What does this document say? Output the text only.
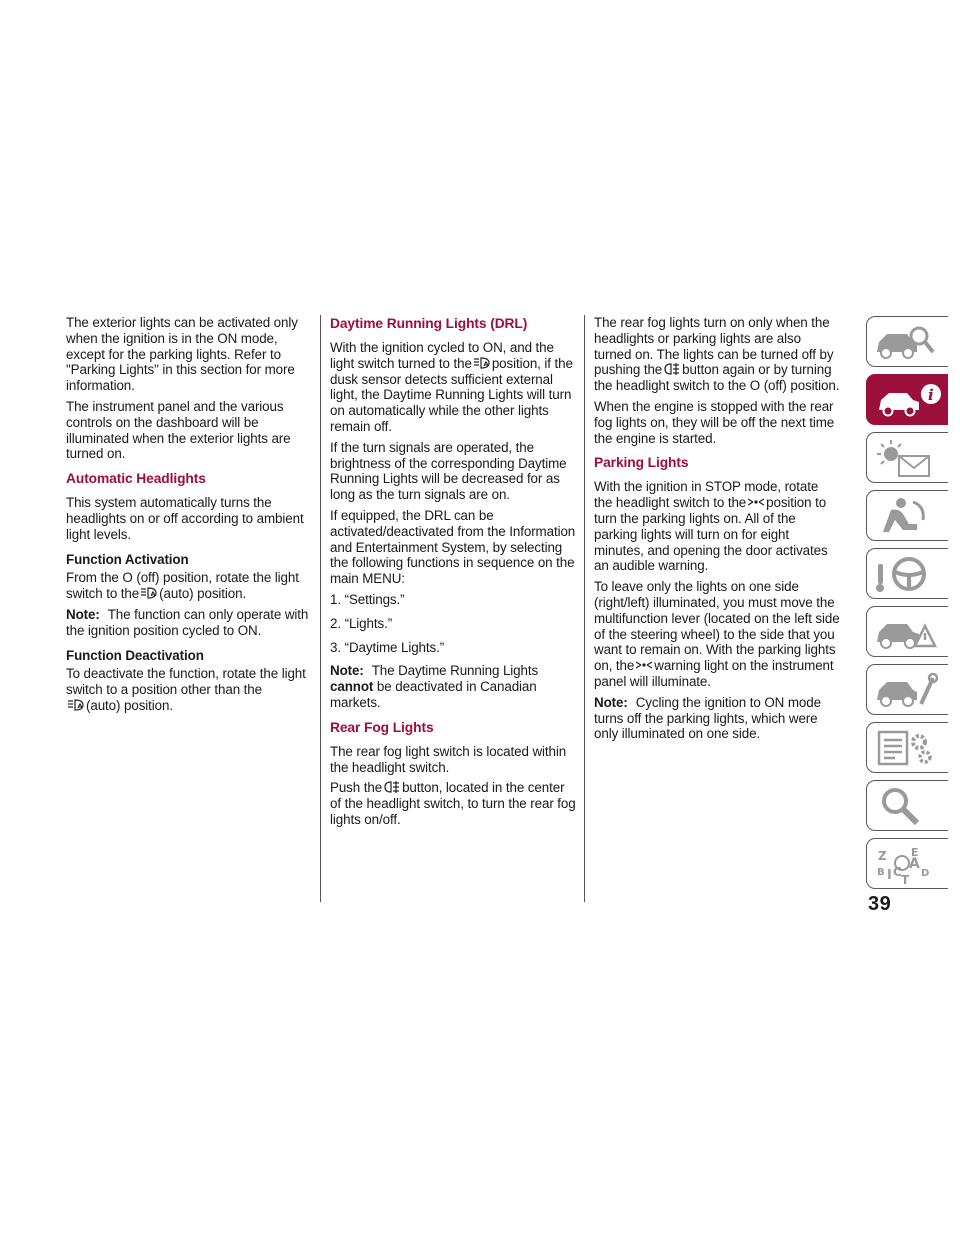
The exterior lights can be activated only when the ignition is in the ON mode, except for the parking lights. Refer to "Parking Lights" in this section for more information.

The instrument panel and the various controls on the dashboard will be illuminated when the exterior lights are turned on.

Automatic Headlights

This system automatically turns the headlights on or off according to ambient light levels.

Function Activation

From the O (off) position, rotate the light switch to the (auto) position.

Note: The function can only operate with the ignition position cycled to ON.

Function Deactivation

To deactivate the function, rotate the light switch to a position other than the
(auto) position.

Daytime Running Lights (DRL)

With the ignition cycled to ON, and the light switch turned to the position, if the dusk sensor detects sufficient external light, the Daytime Running Lights will turn on automatically while the other lights remain off.

If the turn signals are operated, the brightness of the corresponding Daytime Running Lights will be decreased for as long as the turn signals are on.

If equipped, the DRL can be activated/deactivated from the Information and Entertainment System, by selecting the following functions in sequence on the main MENU:

1. “Settings.”
2. “Lights.”
3. “Daytime Lights.”

Note: The Daytime Running Lights
cannot be deactivated in Canadian markets.

Rear Fog Lights

The rear fog light switch is located within the headlight switch.

Push the button, located in the center of the headlight switch, to turn the rear fog lights on/off.

The rear fog lights turn on only when the headlights or parking lights are also turned on. The lights can be turned off by pushing the button again or by turning the headlight switch to the O (off) position.

When the engine is stopped with the rear fog lights on, they will be off the next time the engine is started.

Parking Lights

With the ignition in STOP mode, rotate the headlight switch to the position to turn the parking lights on. All of the parking lights will turn on for eight minutes, and opening the door activates an audible warning.

To leave only the lights on one side (right/left) illuminated, you must move the multifunction lever (located on the left side of the steering wheel) to the side that you want to remain on. With the parking lights on, the warning light on the instrument panel will illuminate.

Note: Cycling the ignition to ON mode turns off the parking lights, which were only illuminated on one side.

i
Z E
A
B I C
T D
39
